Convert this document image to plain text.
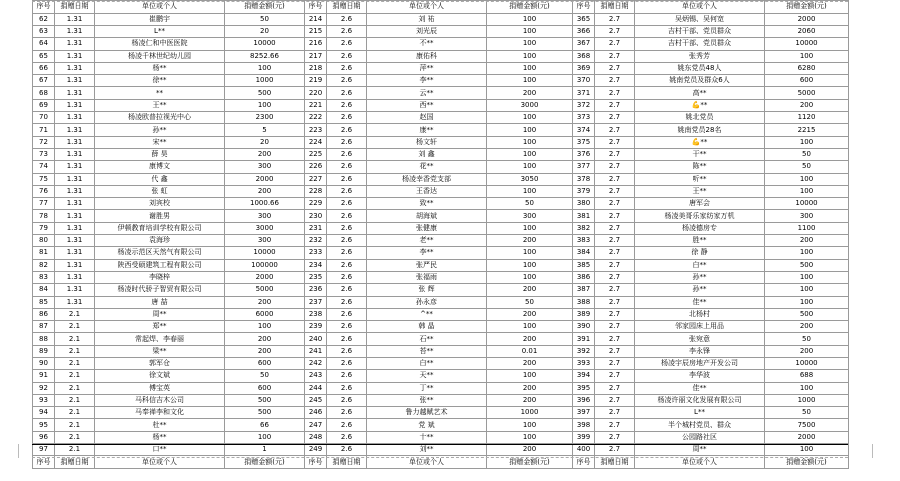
序号	捐赠日期	单位或个人	捐赠金额(元)	序号	捐赠日期	单位或个人	捐赠金额(元)	序号	捐赠日期	单位或个人	捐赠金额(元)
62	1.31	崔鹏宇	50	214	2.6	刘 祐	100	365	2.7	吴炳锡、吴何宽	2000
63	1.31	L**	20	215	2.6	刘光辰	100	366	2.7	吉村干部、党员群众	2060
64	1.31	杨凌仁和中医医院	10000	216	2.6	不**	100	367	2.7	吉村干部、党员群众	10000
65	1.31	杨凌千林世纪幼儿园	8252.66	217	2.6	康佑科	100	368	2.7	张秀芳	100
66	1.31	杨**	100	218	2.6	萍**	100	369	2.7	姚东党员48人	6280
67	1.31	徐**	1000	219	2.6	李**	100	370	2.7	姚南党员及群众6人	600
68	1.31	**	500	220	2.6	云**	200	371	2.7	高**	5000
69	1.31	王**	100	221	2.6	西**	3000	372	2.7	💪**	200
70	1.31	杨凌欧普拉视光中心	2300	222	2.6	赵国	100	373	2.7	姚北党员	1120
71	1.31	孙**	5	223	2.6	康**	100	374	2.7	姚南党员28名	2215
72	1.31	宋**	20	224	2.6	杨文轩	100	375	2.7	💪**	100
73	1.31	薛 昊	200	225	2.6	刘 鑫	100	376	2.7	干**	50
74	1.31	康博文	300	226	2.6	花**	100	377	2.7	陈**	50
75	1.31	代 鑫	2000	227	2.6	杨凌幸香党支部	3050	378	2.7	听**	100
76	1.31	张 虹	200	228	2.6	王香达	100	379	2.7	王**	100
77	1.31	刘宾校	1000.66	229	2.6	致**	50	380	2.7	唐军会	10000
78	1.31	谢胜男	300	230	2.6	胡海斌	300	381	2.7	杨凌美哥乐家纺家万机	300
79	1.31	伊顿教育培训学校有限公司	3000	231	2.6	张健康	100	382	2.7	杨凌德房专	1100
80	1.31	袁海珍	300	232	2.6	老**	200	383	2.7	胜**	200
81	1.31	杨凌示范区天然气有限公司	10000	233	2.6	李**	100	384	2.7	徐 静	100
82	1.31	陕西受硕建筑工程有限公司	100000	234	2.6	张严民	100	385	2.7	白**	500
83	1.31	李晓梓	2000	235	2.6	张福雨	100	386	2.7	孙**	100
84	1.31	杨凌时代骄子智贸有限公司	5000	236	2.6	张 辉	200	387	2.7	孙**	100
85	1.31	唐 喆	200	237	2.6	孙永彦	50	388	2.7	佳**	100
86	2.1	周**	6000	238	2.6	^**	200	389	2.7	北杨村	500
87	2.1	郑**	100	239	2.6	韩 晶	100	390	2.7	邻家园床上用品	200
88	2.1	常起焊、李春丽	200	240	2.6	石**	200	391	2.7	张宛意	50
89	2.1	梁**	200	241	2.6	苔**	0.01	392	2.7	李永锋	200
90	2.1	郭军仓	600	242	2.6	白**	200	393	2.7	杨凌宇辰房地产开发公司	10000
91	2.1	徐文斌	50	243	2.6	天**	100	394	2.7	李华波	688
92	2.1	傅宝英	600	244	2.6	丁**	200	395	2.7	佳**	100
93	2.1	马科信吉木公司	500	245	2.6	张**	200	396	2.7	杨凌许丽文化发展有限公司	1000
94	2.1	马奉禅李和文化	500	246	2.6	鲁力越赋艺术	1000	397	2.7	L**	50
95	2.1	杜**	66	247	2.6	党 斌	100	398	2.7	半个城村党员、群众	7500
96	2.1	杨**	100	248	2.6	十**	100	399	2.7	公园路社区	2000
97	2.1	口**	1	249	2.6	刘**	200	400	2.7	周**	100
序号	捐赠日期	单位或个人	捐赠金额(元)	序号	捐赠日期	单位或个人	捐赠金额(元)	序号	捐赠日期	单位或个人	捐赠金额(元)
